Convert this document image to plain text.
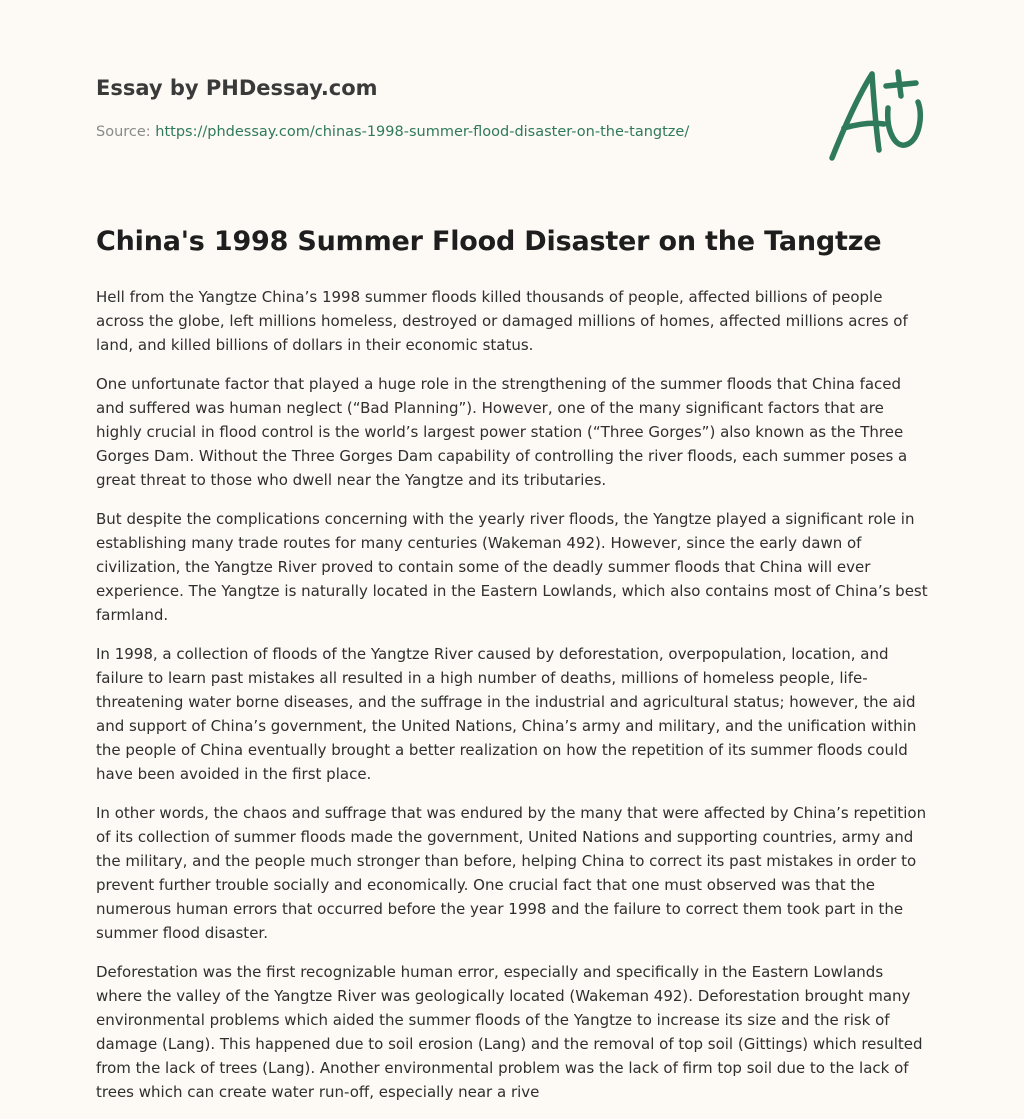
Essay by PHDessay.com
Source: https://phdessay.com/chinas-1998-summer-flood-disaster-on-the-tangtze/
China's 1998 Summer Flood Disaster on the Tangtze

Hell from the Yangtze China’s 1998 summer floods killed thousands of people, affected billions of people across the globe, left millions homeless, destroyed or damaged millions of homes, affected millions acres of land, and killed billions of dollars in their economic status.

One unfortunate factor that played a huge role in the strengthening of the summer floods that China faced and suffered was human neglect (“Bad Planning”). However, one of the many significant factors that are highly crucial in flood control is the world’s largest power station (“Three Gorges”) also known as the Three Gorges Dam. Without the Three Gorges Dam capability of controlling the river floods, each summer poses a great threat to those who dwell near the Yangtze and its tributaries.

But despite the complications concerning with the yearly river floods, the Yangtze played a significant role in establishing many trade routes for many centuries (Wakeman 492). However, since the early dawn of civilization, the Yangtze River proved to contain some of the deadly summer floods that China will ever experience. The Yangtze is naturally located in the Eastern Lowlands, which also contains most of China’s best farmland.

In 1998, a collection of floods of the Yangtze River caused by deforestation, overpopulation, location, and failure to learn past mistakes all resulted in a high number of deaths, millions of homeless people, life-threatening water borne diseases, and the suffrage in the industrial and agricultural status; however, the aid and support of China’s government, the United Nations, China’s army and military, and the unification within the people of China eventually brought a better realization on how the repetition of its summer floods could have been avoided in the first place.

In other words, the chaos and suffrage that was endured by the many that were affected by China’s repetition of its collection of summer floods made the government, United Nations and supporting countries, army and the military, and the people much stronger than before, helping China to correct its past mistakes in order to prevent further trouble socially and economically. One crucial fact that one must observed was that the numerous human errors that occurred before the year 1998 and the failure to correct them took part in the summer flood disaster.

Deforestation was the first recognizable human error, especially and specifically in the Eastern Lowlands where the valley of the Yangtze River was geologically located (Wakeman 492). Deforestation brought many environmental problems which aided the summer floods of the Yangtze to increase its size and the risk of damage (Lang). This happened due to soil erosion (Lang) and the removal of top soil (Gittings) which resulted from the lack of trees (Lang). Another environmental problem was the lack of firm top soil due to the lack of trees which can create water run-off, especially near a rive
